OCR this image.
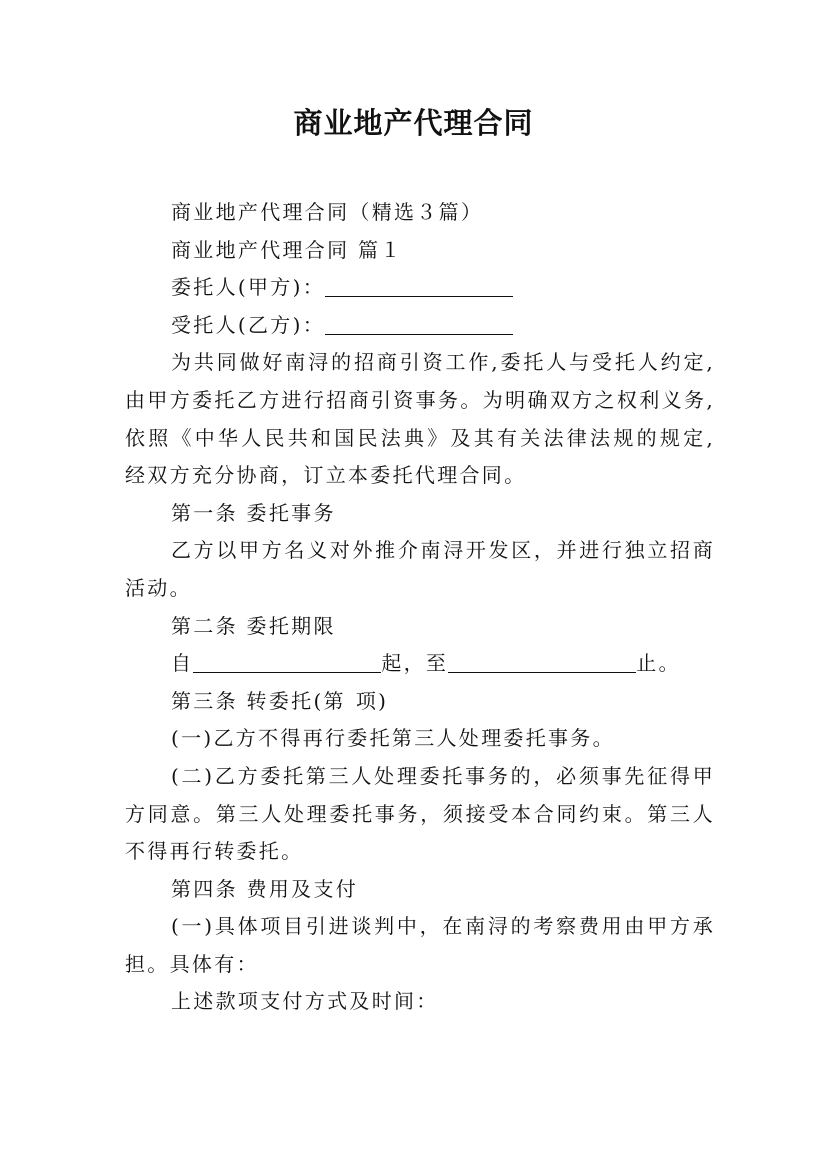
商业地产代理合同
商业地产代理合同（精选３篇）
商业地产代理合同 篇１
委托人(甲方)：
受托人(乙方)：
为共同做好南浔的招商引资工作,委托人与受托人约定,
由甲方委托乙方进行招商引资事务。为明确双方之权利义务,
依照《中华人民共和国民法典》及其有关法律法规的规定,
经双方充分协商，订立本委托代理合同。
第一条 委托事务
乙方以甲方名义对外推介南浔开发区，并进行独立招商
活动。
第二条 委托期限
自	起，至	止。
第三条 转委托(第 项)
(一)乙方不得再行委托第三人处理委托事务。
(二)乙方委托第三人处理委托事务的，必须事先征得甲
方同意。第三人处理委托事务，须接受本合同约束。第三人
不得再行转委托。
第四条 费用及支付
(一)具体项目引进谈判中，在南浔的考察费用由甲方承
担。具体有：
上述款项支付方式及时间：
